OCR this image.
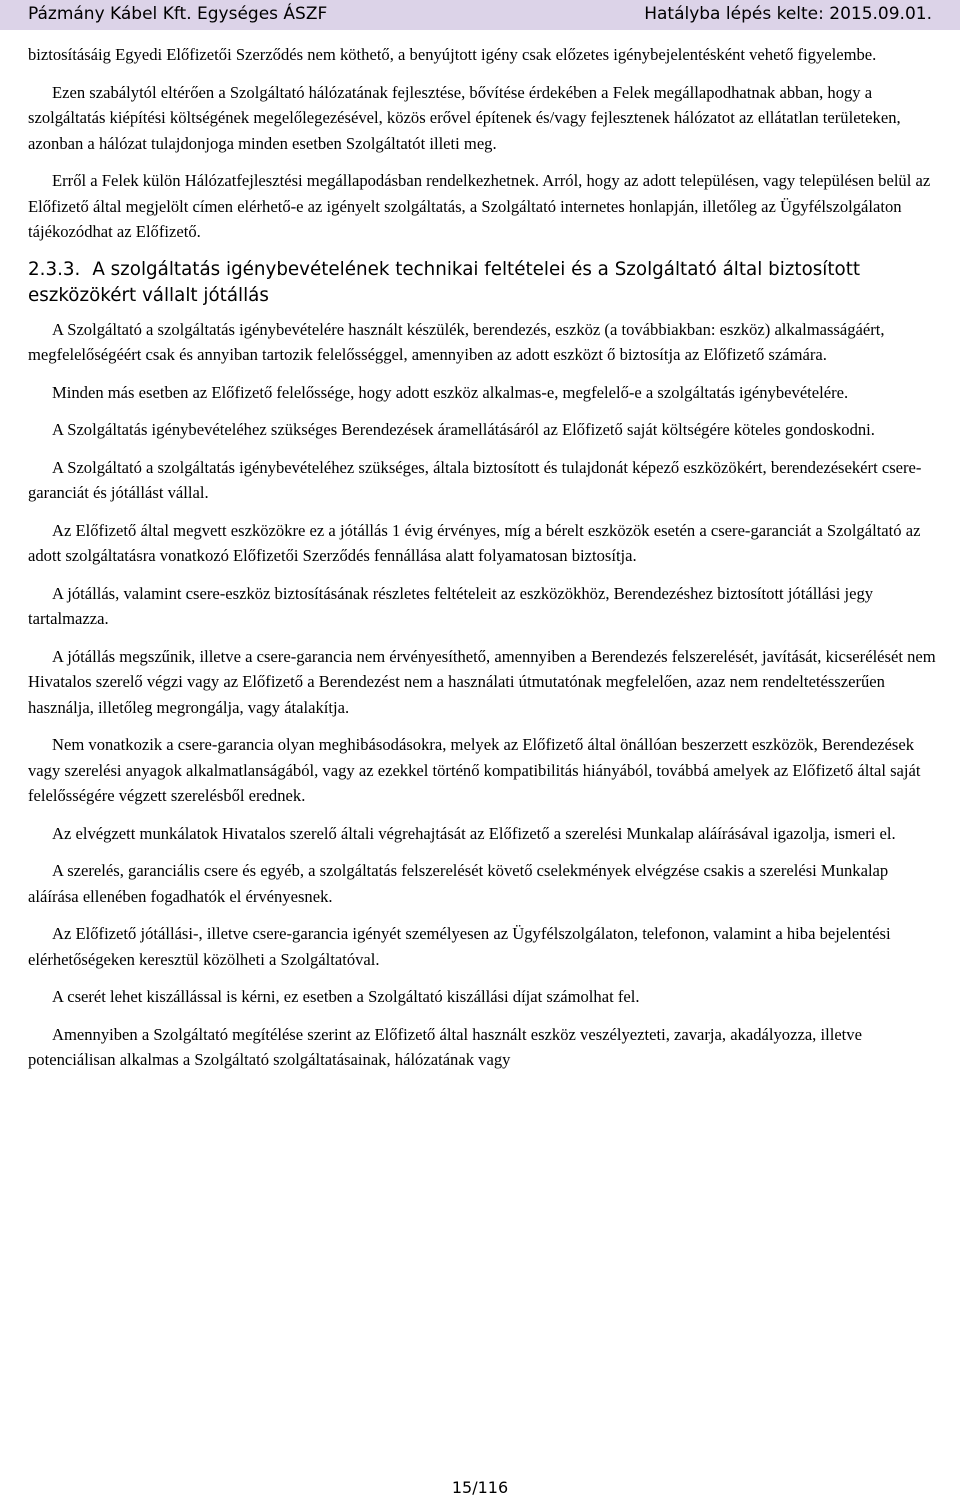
Pázmány Kábel Kft. Egységes ÁSZF	Hatályba lépés kelte: 2015.09.01.

biztosításáig Egyedi Előfizetői Szerződés nem köthető, a benyújtott igény csak előzetes igénybejelentésként vehető figyelembe.

Ezen szabálytól eltérően a Szolgáltató hálózatának fejlesztése, bővítése érdekében a Felek megállapodhatnak abban, hogy a szolgáltatás kiépítési költségének megelőlegezésével, közös erővel építenek és/vagy fejlesztenek hálózatot az ellátatlan területeken, azonban a hálózat tulajdonjoga minden esetben Szolgáltatót illeti meg.

Erről a Felek külön Hálózatfejlesztési megállapodásban rendelkezhetnek. Arról, hogy az adott településen, vagy településen belül az Előfizető által megjelölt címen elérhető-e az igényelt szolgáltatás, a Szolgáltató internetes honlapján, illetőleg az Ügyfélszolgálaton tájékozódhat az Előfizető.

2.3.3. A szolgáltatás igénybevételének technikai feltételei és a Szolgáltató által biztosított eszközökért vállalt jótállás

A Szolgáltató a szolgáltatás igénybevételére használt készülék, berendezés, eszköz (a továbbiakban: eszköz) alkalmasságáért, megfelelőségéért csak és annyiban tartozik felelősséggel, amennyiben az adott eszközt ő biztosítja az Előfizető számára.

Minden más esetben az Előfizető felelőssége, hogy adott eszköz alkalmas-e, megfelelő-e a szolgáltatás igénybevételére.

A Szolgáltatás igénybevételéhez szükséges Berendezések áramellátásáról az Előfizető saját költségére köteles gondoskodni.

A Szolgáltató a szolgáltatás igénybevételéhez szükséges, általa biztosított és tulajdonát képező eszközökért, berendezésekért csere-garanciát és jótállást vállal.

Az Előfizető által megvett eszközökre ez a jótállás 1 évig érvényes, míg a bérelt eszközök esetén a csere-garanciát a Szolgáltató az adott szolgáltatásra vonatkozó Előfizetői Szerződés fennállása alatt folyamatosan biztosítja.

A jótállás, valamint csere-eszköz biztosításának részletes feltételeit az eszközökhöz, Berendezéshez biztosított jótállási jegy tartalmazza.

A jótállás megszűnik, illetve a csere-garancia nem érvényesíthető, amennyiben a Berendezés felszerelését, javítását, kicserélését nem Hivatalos szerelő végzi vagy az Előfizető a Berendezést nem a használati útmutatónak megfelelően, azaz nem rendeltetésszerűen használja, illetőleg megrongálja, vagy átalakítja.

Nem vonatkozik a csere-garancia olyan meghibásodásokra, melyek az Előfizető által önállóan beszerzett eszközök, Berendezések vagy szerelési anyagok alkalmatlanságából, vagy az ezekkel történő kompatibilitás hiányából, továbbá amelyek az Előfizető által saját felelősségére végzett szerelésből erednek.

Az elvégzett munkálatok Hivatalos szerelő általi végrehajtását az Előfizető a szerelési Munkalap aláírásával igazolja, ismeri el.

A szerelés, garanciális csere és egyéb, a szolgáltatás felszerelését követő cselekmények elvégzése csakis a szerelési Munkalap aláírása ellenében fogadhatók el érvényesnek.

Az Előfizető jótállási-, illetve csere-garancia igényét személyesen az Ügyfélszolgálaton, telefonon, valamint a hiba bejelentési elérhetőségeken keresztül közölheti a Szolgáltatóval.

A cserét lehet kiszállással is kérni, ez esetben a Szolgáltató kiszállási díjat számolhat fel.

Amennyiben a Szolgáltató megítélése szerint az Előfizető által használt eszköz veszélyezteti, zavarja, akadályozza, illetve potenciálisan alkalmas a Szolgáltató szolgáltatásainak, hálózatának vagy

15/116
